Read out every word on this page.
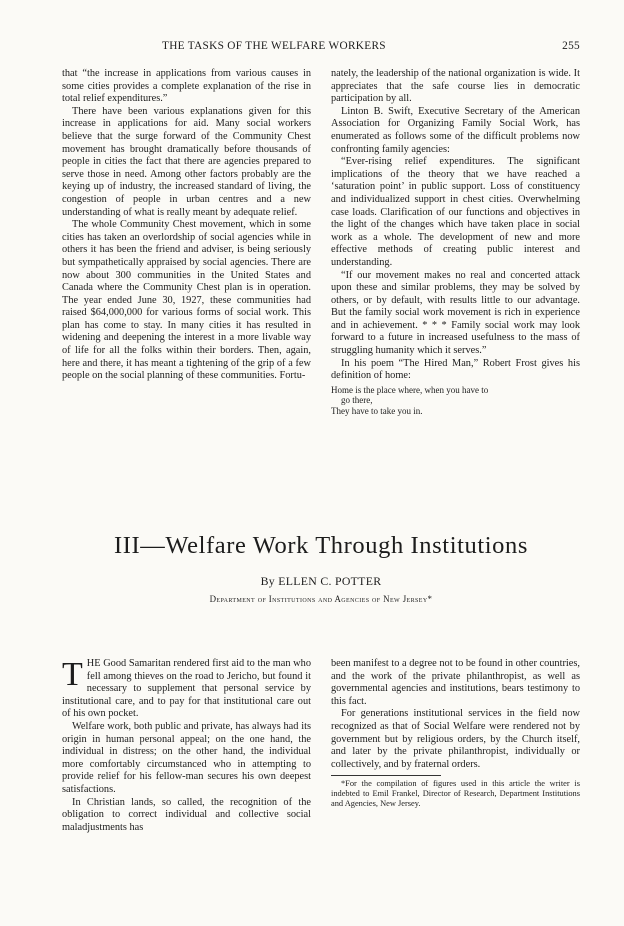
THE TASKS OF THE WELFARE WORKERS	255

that “the increase in applications from various causes in some cities provides a complete explanation of the rise in total relief expenditures.”

There have been various explanations given for this increase in applications for aid. Many social workers believe that the surge forward of the Community Chest movement has brought dramatically before thousands of people in cities the fact that there are agencies prepared to serve those in need. Among other factors probably are the keying up of industry, the increased standard of living, the congestion of people in urban centres and a new understanding of what is really meant by adequate relief.

The whole Community Chest movement, which in some cities has taken an overlordship of social agencies while in others it has been the friend and adviser, is being seriously but sympathetically appraised by social agencies. There are now about 300 communities in the United States and Canada where the Community Chest plan is in operation. The year ended June 30, 1927, these communities had raised $64,000,000 for various forms of social work. This plan has come to stay. In many cities it has resulted in widening and deepening the interest in a more livable way of life for all the folks within their borders. Then, again, here and there, it has meant a tightening of the grip of a few people on the social planning of these communities. Fortu-

nately, the leadership of the national organization is wide. It appreciates that the safe course lies in democratic participation by all.

Linton B. Swift, Executive Secretary of the American Association for Organizing Family Social Work, has enumerated as follows some of the difficult problems now confronting family agencies:

“Ever-rising relief expenditures. The significant implications of the theory that we have reached a ‘saturation point’ in public support. Loss of constituency and individualized support in chest cities. Overwhelming case loads. Clarification of our functions and objectives in the light of the changes which have taken place in social work as a whole. The development of new and more effective methods of creating public interest and understanding.

“If our movement makes no real and concerted attack upon these and similar problems, they may be solved by others, or by default, with results little to our advantage. But the family social work movement is rich in experience and in achievement. * * * Family social work may look forward to a future in increased usefulness to the mass of struggling humanity which it serves.”

In his poem “The Hired Man,” Robert Frost gives his definition of home:

Home is the place where, when you have to
go there,
They have to take you in.
III—Welfare Work Through Institutions
By ELLEN C. POTTER
Department of Institutions and Agencies of New Jersey*

THE Good Samaritan rendered first aid to the man who fell among thieves on the road to Jericho, but found it necessary to supplement that personal service by institutional care, and to pay for that institutional care out of his own pocket.

Welfare work, both public and private, has always had its origin in human personal appeal; on the one hand, the individual in distress; on the other hand, the individual more comfortably circumstanced who in attempting to provide relief for his fellow-man secures his own deepest satisfactions.

In Christian lands, so called, the recognition of the obligation to correct individual and collective social maladjustments has

been manifest to a degree not to be found in other countries, and the work of the private philanthropist, as well as governmental agencies and institutions, bears testimony to this fact.

For generations institutional services in the field now recognized as that of Social Welfare were rendered not by government but by religious orders, by the Church itself, and later by the private philanthropist, individually or collectively, and by fraternal orders.

*For the compilation of figures used in this article the writer is indebted to Emil Frankel, Director of Research, Department Institutions and Agencies, New Jersey.
